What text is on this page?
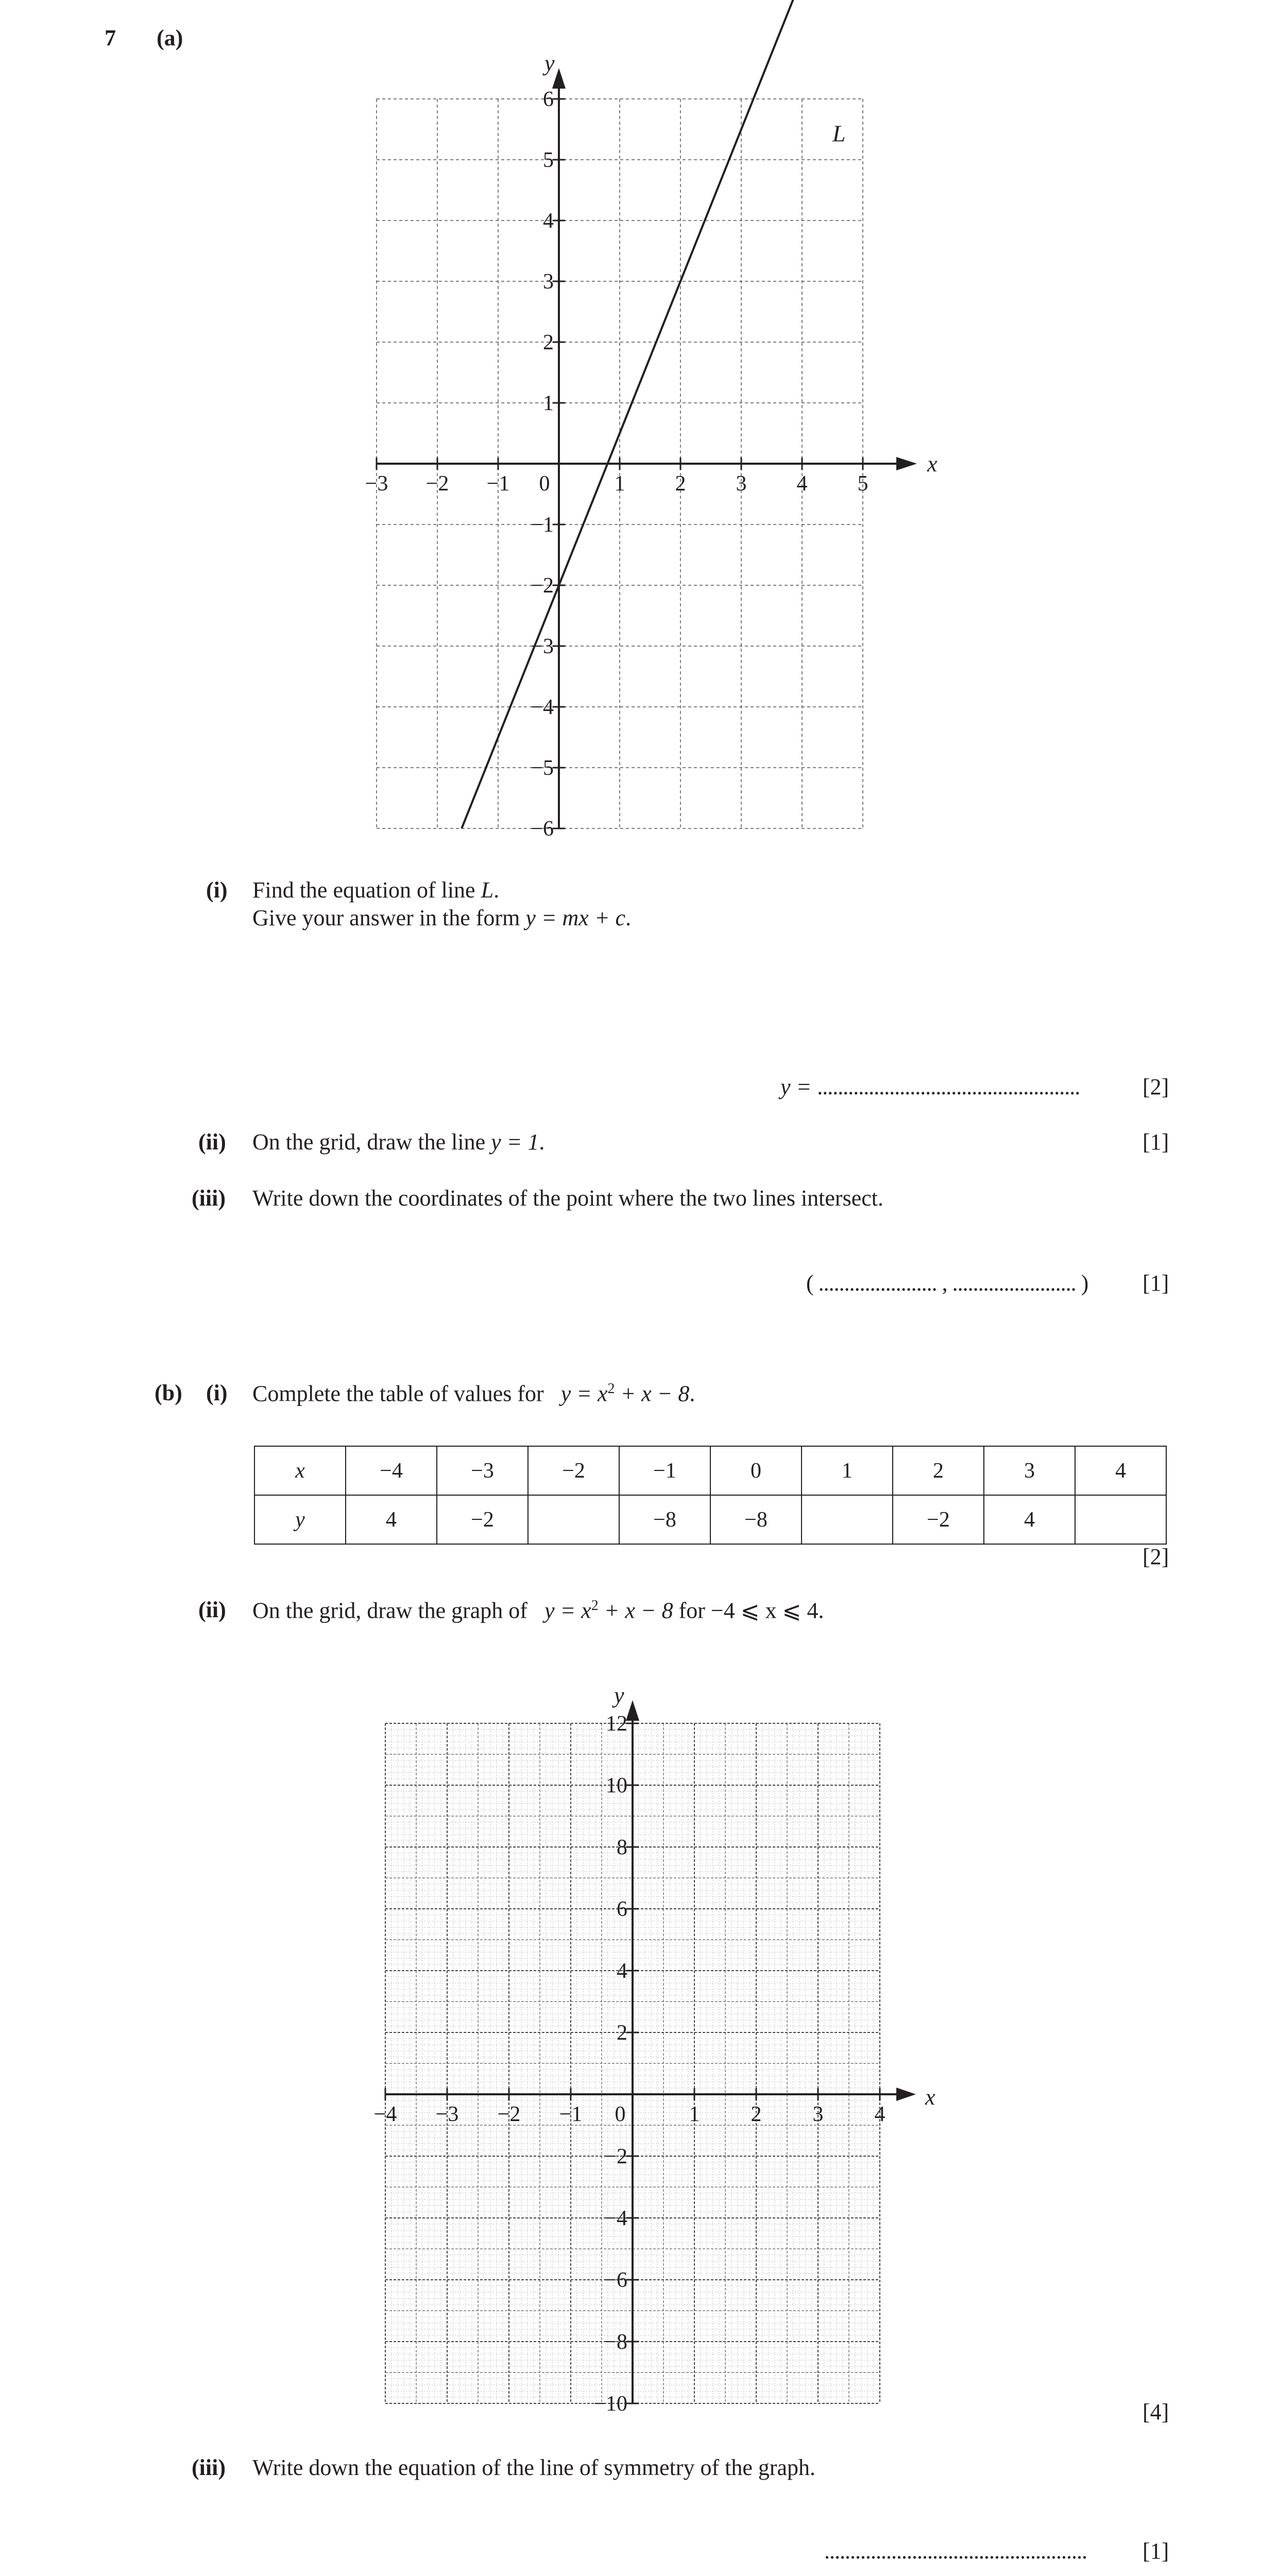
7 (a)
−3 −2 −1 0	1 2 3 4 5
6
5
4
3
2
1
−1
−2
−3
−4
−5
−6
x
y
L
(i) Find the equation of line L.
Give your answer in the form y = mx + c.
y = ...................................................	[2]
(ii) On the grid, draw the line y = 1.	[1]
(iii) Write down the coordinates of the point where the two lines intersect.
( ....................... , ........................ ) [1]
(b) (i) Complete the table of values for $y = x^2 + x - 8$.
x	−4	−3	−2	−1	0	1	2	3	4
y	4	−2		−8	−8		−2	4	
[2]
(ii) On the grid, draw the graph of $y = x^2 + x - 8$ for −4 ⩽ x ⩽ 4.
−4 −3 −2 −1 0	1 2 3 4
12
10
8
6
4
2
−2
−4
−6
−8
−10
x
y
[4]
(iii) Write down the equation of the line of symmetry of the graph.
................................................... [1]
